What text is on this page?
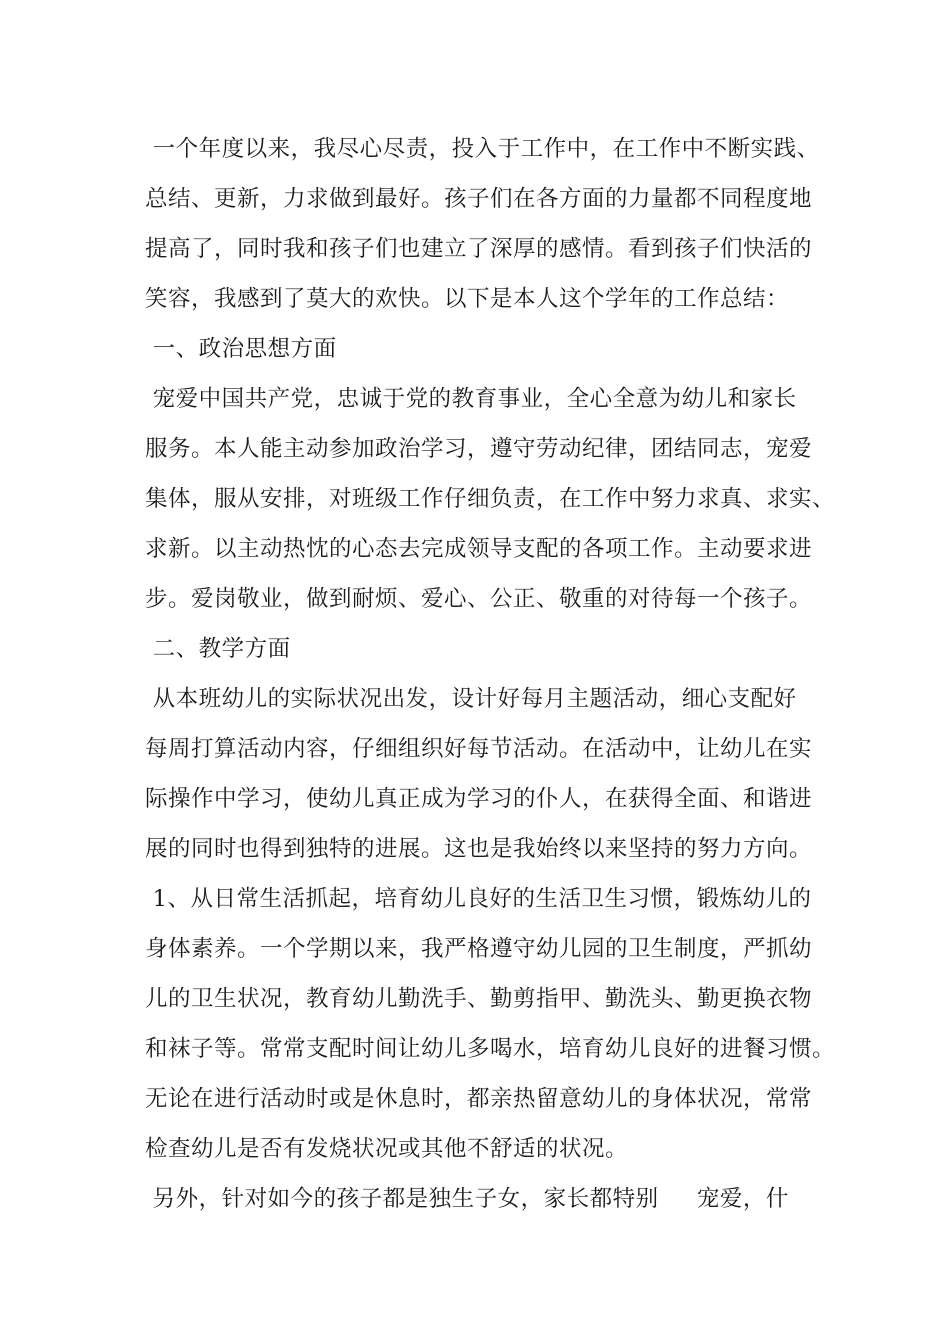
一个年度以来，我尽心尽责，投入于工作中，在工作中不断实践、
总结、更新，力求做到最好。孩子们在各方面的力量都不同程度地
提高了，同时我和孩子们也建立了深厚的感情。看到孩子们快活的
笑容，我感到了莫大的欢快。以下是本人这个学年的工作总结：
一、政治思想方面
宠爱中国共产党，忠诚于党的教育事业，全心全意为幼儿和家长
服务。本人能主动参加政治学习，遵守劳动纪律，团结同志，宠爱
集体，服从安排，对班级工作仔细负责，在工作中努力求真、求实、
求新。以主动热忱的心态去完成领导支配的各项工作。主动要求进
步。爱岗敬业，做到耐烦、爱心、公正、敬重的对待每一个孩子。
二、教学方面
从本班幼儿的实际状况出发，设计好每月主题活动，细心支配好
每周打算活动内容，仔细组织好每节活动。在活动中，让幼儿在实
际操作中学习，使幼儿真正成为学习的仆人，在获得全面、和谐进
展的同时也得到独特的进展。这也是我始终以来坚持的努力方向。
1、从日常生活抓起，培育幼儿良好的生活卫生习惯，锻炼幼儿的
身体素养。一个学期以来，我严格遵守幼儿园的卫生制度，严抓幼
儿的卫生状况，教育幼儿勤洗手、勤剪指甲、勤洗头、勤更换衣物
和袜子等。常常支配时间让幼儿多喝水，培育幼儿良好的进餐习惯。
无论在进行活动时或是休息时，都亲热留意幼儿的身体状况，常常
检查幼儿是否有发烧状况或其他不舒适的状况。
另外，针对如今的孩子都是独生子女，家长都特别     宠爱，什
